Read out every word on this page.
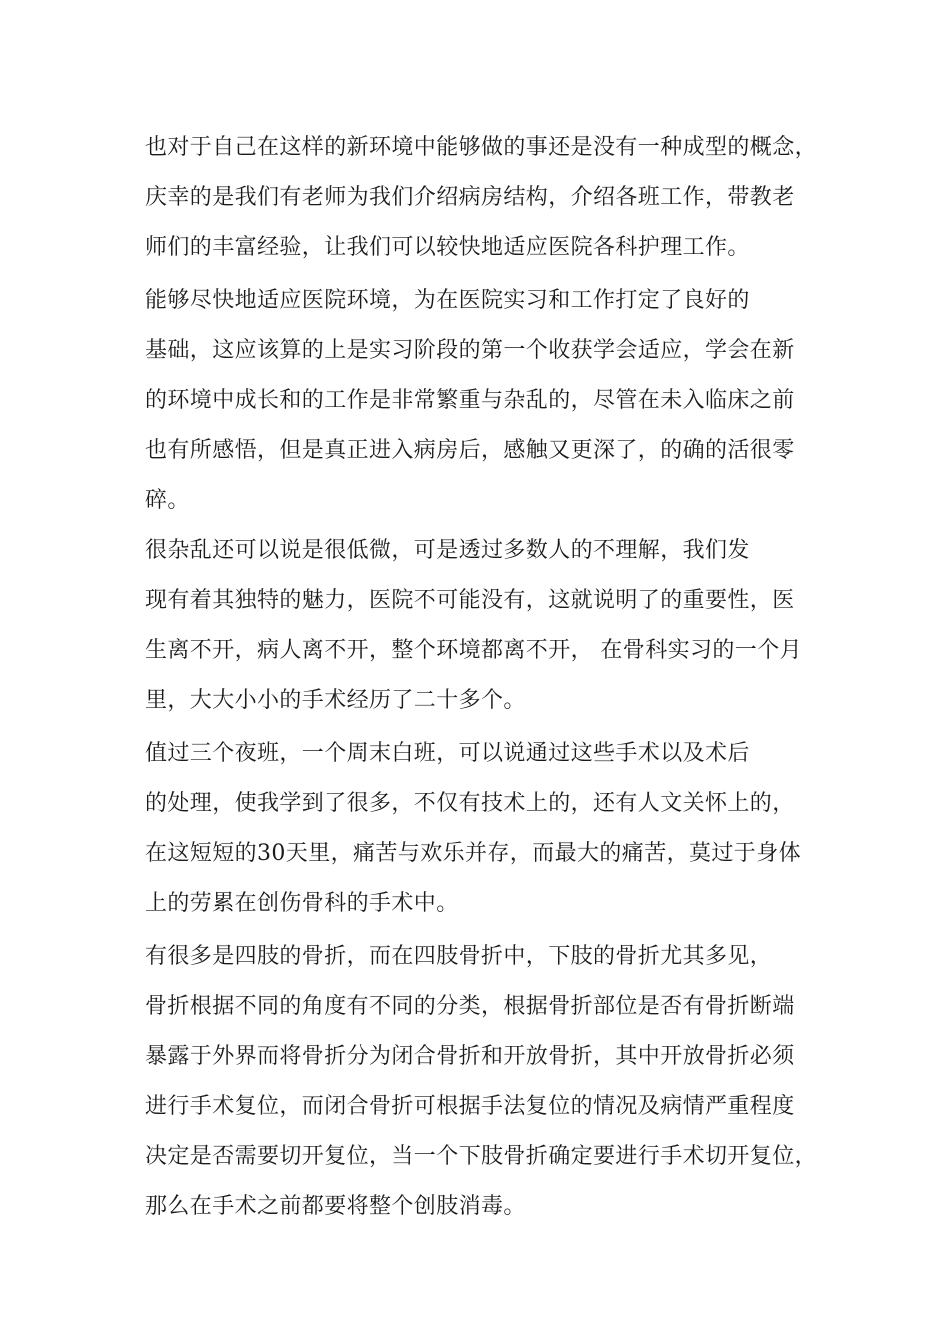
也对于自己在这样的新环境中能够做的事还是没有一种成型的概念，
庆幸的是我们有老师为我们介绍病房结构，介绍各班工作，带教老
师们的丰富经验，让我们可以较快地适应医院各科护理工作。
能够尽快地适应医院环境，为在医院实习和工作打定了良好的
基础，这应该算的上是实习阶段的第一个收获学会适应，学会在新
的环境中成长和的工作是非常繁重与杂乱的，尽管在未入临床之前
也有所感悟，但是真正进入病房后，感触又更深了，的确的活很零
碎。
很杂乱还可以说是很低微，可是透过多数人的不理解，我们发
现有着其独特的魅力，医院不可能没有，这就说明了的重要性，医
生离不开，病人离不开，整个环境都离不开， 在骨科实习的一个月
里，大大小小的手术经历了二十多个。
值过三个夜班，一个周末白班，可以说通过这些手术以及术后
的处理，使我学到了很多，不仅有技术上的，还有人文关怀上的，
在这短短的30天里，痛苦与欢乐并存，而最大的痛苦，莫过于身体
上的劳累在创伤骨科的手术中。
有很多是四肢的骨折，而在四肢骨折中，下肢的骨折尤其多见，
骨折根据不同的角度有不同的分类，根据骨折部位是否有骨折断端
暴露于外界而将骨折分为闭合骨折和开放骨折，其中开放骨折必须
进行手术复位，而闭合骨折可根据手法复位的情况及病情严重程度
决定是否需要切开复位，当一个下肢骨折确定要进行手术切开复位，
那么在手术之前都要将整个创肢消毒。
